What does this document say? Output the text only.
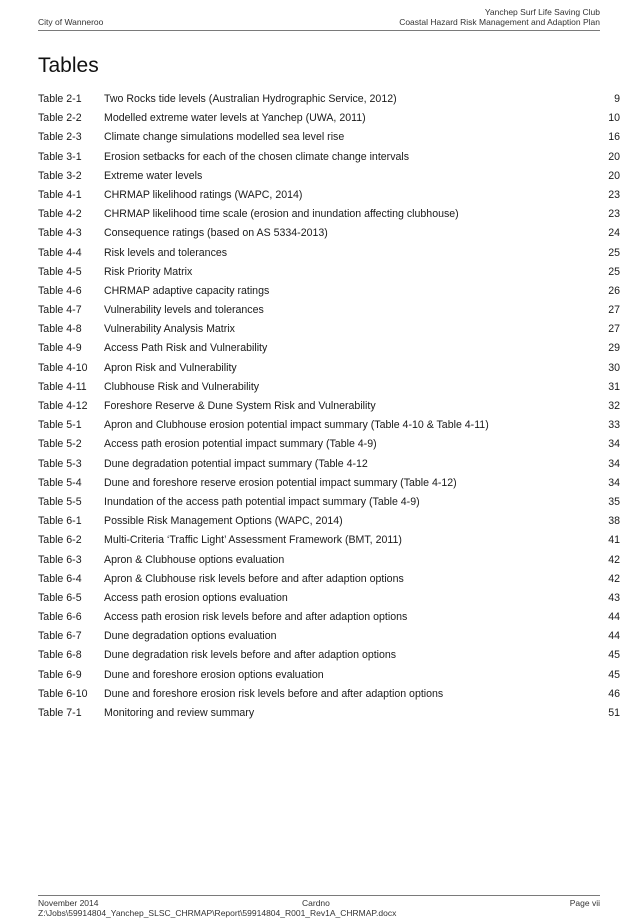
City of Wanneroo
Yanchep Surf Life Saving Club
Coastal Hazard Risk Management and Adaption Plan
Tables
Table 2-1 Two Rocks tide levels (Australian Hydrographic Service, 2012)	9
Table 2-2 Modelled extreme water levels at Yanchep (UWA, 2011)	10
Table 2-3 Climate change simulations modelled sea level rise	16
Table 3-1 Erosion setbacks for each of the chosen climate change intervals	20
Table 3-2 Extreme water levels	20
Table 4-1 CHRMAP likelihood ratings (WAPC, 2014)	23
Table 4-2 CHRMAP likelihood time scale (erosion and inundation affecting clubhouse)	23
Table 4-3 Consequence ratings (based on AS 5334-2013)	24
Table 4-4 Risk levels and tolerances	25
Table 4-5 Risk Priority Matrix	25
Table 4-6 CHRMAP adaptive capacity ratings	26
Table 4-7 Vulnerability levels and tolerances	27
Table 4-8 Vulnerability Analysis Matrix	27
Table 4-9 Access Path Risk and Vulnerability	29
Table 4-10 Apron Risk and Vulnerability	30
Table 4-11 Clubhouse Risk and Vulnerability	31
Table 4-12 Foreshore Reserve & Dune System Risk and Vulnerability	32
Table 5-1 Apron and Clubhouse erosion potential impact summary (Table 4-10 & Table 4-11)	33
Table 5-2 Access path erosion potential impact summary (Table 4-9)	34
Table 5-3 Dune degradation potential impact summary (Table 4-12	34
Table 5-4 Dune and foreshore reserve erosion potential impact summary (Table 4-12)	34
Table 5-5 Inundation of the access path potential impact summary (Table 4-9)	35
Table 6-1 Possible Risk Management Options (WAPC, 2014)	38
Table 6-2 Multi-Criteria ‘Traffic Light’ Assessment Framework (BMT, 2011)	41
Table 6-3 Apron & Clubhouse options evaluation	42
Table 6-4 Apron & Clubhouse risk levels before and after adaption options	42
Table 6-5 Access path erosion options evaluation	43
Table 6-6 Access path erosion risk levels before and after adaption options	44
Table 6-7 Dune degradation options evaluation	44
Table 6-8 Dune degradation risk levels before and after adaption options	45
Table 6-9 Dune and foreshore erosion options evaluation	45
Table 6-10 Dune and foreshore erosion risk levels before and after adaption options	46
Table 7-1 Monitoring and review summary	51
November 2014	Cardno	Page vii
Z:\Jobs\59914804_Yanchep_SLSC_CHRMAP\Report\59914804_R001_Rev1A_CHRMAP.docx
